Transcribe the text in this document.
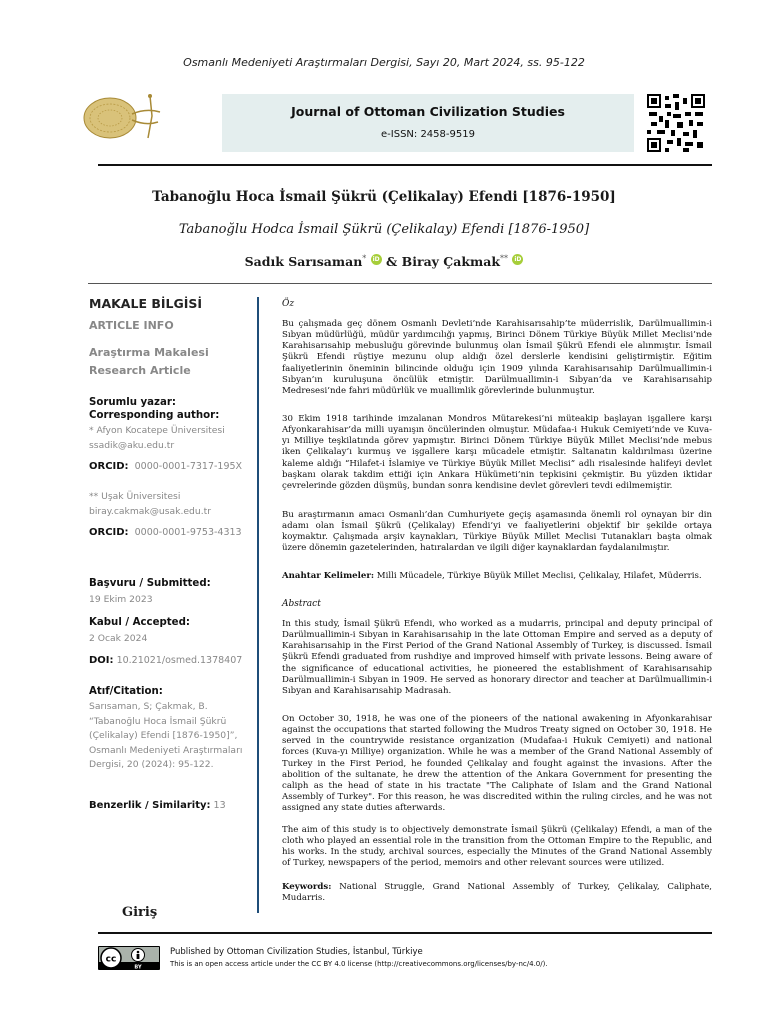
Osmanlı Medeniyeti Araştırmaları Dergisi, Sayı 20, Mart 2024, ss. 95-122
Journal of Ottoman Civilization Studies
e-ISSN: 2458-9519
Tabanoğlu Hoca İsmail Şükrü (Çelikalay) Efendi [1876-1950]
Tabanoğlu Hodca İsmail Şükrü (Çelikalay) Efendi [1876-1950]
Sadık Sarısaman* iD & Biray Çakmak** iD
MAKALE BİLGİSİ
ARTICLE INFO
Araştırma Makalesi
Research Article
Sorumlu yazar:
Corresponding author:
* Afyon Kocatepe Üniversitesi
ssadik@aku.edu.tr
ORCID: 0000-0001-7317-195X
** Uşak Üniversitesi
biray.cakmak@usak.edu.tr
ORCID: 0000-0001-9753-4313
Başvuru / Submitted:
19 Ekim 2023
Kabul / Accepted:
2 Ocak 2024
DOI: 10.21021/osmed.1378407
Atıf/Citation:
Sarısaman, S; Çakmak, B. “Tabanoğlu Hoca İsmail Şükrü (Çelikalay) Efendi [1876-1950]”, Osmanlı Medeniyeti Araştırmaları Dergisi, 20 (2024): 95-122.
Benzerlik / Similarity: 13
Öz
Bu çalışmada geç dönem Osmanlı Devleti’nde Karahisarısahip’te müderrislik, Darülmuallimin-i Sıbyan müdürlüğü, müdür yardımcılığı yapmış, Birinci Dönem Türkiye Büyük Millet Meclisi’nde Karahisarısahip mebusluğu görevinde bulunmuş olan İsmail Şükrü Efendi ele alınmıştır. İsmail Şükrü Efendi rüştiye mezunu olup aldığı özel derslerle kendisini geliştirmiştir. Eğitim faaliyetlerinin öneminin bilincinde olduğu için 1909 yılında Karahisarısahip Darülmuallimin-i Sıbyan’ın kuruluşuna öncülük etmiştir. Darülmuallimin-i Sıbyan’da ve Karahisarısahip Medresesi’nde fahri müdürlük ve muallimlik görevlerinde bulunmuştur.
30 Ekim 1918 tarihinde imzalanan Mondros Mütarekesi’ni müteakip başlayan işgallere karşı Afyonkarahisar’da milli uyanışın öncülerinden olmuştur. Müdafaa-i Hukuk Cemiyeti’nde ve Kuva-yı Milliye teşkilatında görev yapmıştır. Birinci Dönem Türkiye Büyük Millet Meclisi’nde mebus iken Çelikalay’ı kurmuş ve işgallere karşı mücadele etmiştir. Saltanatın kaldırılması üzerine kaleme aldığı “Hilafet-i İslamiye ve Türkiye Büyük Millet Meclisi” adlı risalesinde halifeyi devlet başkanı olarak takdim ettiği için Ankara Hükümeti’nin tepkisini çekmiştir. Bu yüzden iktidar çevrelerinde gözden düşmüş, bundan sonra kendisine devlet görevleri tevdi edilmemiştir.
Bu araştırmanın amacı Osmanlı’dan Cumhuriyete geçiş aşamasında önemli rol oynayan bir din adamı olan İsmail Şükrü (Çelikalay) Efendi’yi ve faaliyetlerini objektif bir şekilde ortaya koymaktır. Çalışmada arşiv kaynakları, Türkiye Büyük Millet Meclisi Tutanakları başta olmak üzere dönemin gazetelerinden, hatıralardan ve ilgili diğer kaynaklardan faydalanılmıştır.
Anahtar Kelimeler: Milli Mücadele, Türkiye Büyük Millet Meclisi, Çelikalay, Hilafet, Müderris.
Abstract
In this study, İsmail Şükrü Efendi, who worked as a mudarris, principal and deputy principal of Darülmuallimin-i Sıbyan in Karahisarısahip in the late Ottoman Empire and served as a deputy of Karahisarısahip in the First Period of the Grand National Assembly of Turkey, is discussed. İsmail Şükrü Efendi graduated from rushdiye and improved himself with private lessons. Being aware of the significance of educational activities, he pioneered the establishment of Karahisarısahip Darülmuallimin-i Sıbyan in 1909. He served as honorary director and teacher at Darülmuallimin-i Sıbyan and Karahisarısahip Madrasah.
On October 30, 1918, he was one of the pioneers of the national awakening in Afyonkarahisar against the occupations that started following the Mudros Treaty signed on October 30, 1918. He served in the countrywide resistance organization (Mudafaa-i Hukuk Cemiyeti) and national forces (Kuva-yı Milliye) organization. While he was a member of the Grand National Assembly of Turkey in the First Period, he founded Çelikalay and fought against the invasions. After the abolition of the sultanate, he drew the attention of the Ankara Government for presenting the caliph as the head of state in his tractate "The Caliphate of Islam and the Grand National Assembly of Turkey". For this reason, he was discredited within the ruling circles, and he was not assigned any state duties afterwards.
The aim of this study is to objectively demonstrate İsmail Şükrü (Çelikalay) Efendi, a man of the cloth who played an essential role in the transition from the Ottoman Empire to the Republic, and his works. In the study, archival sources, especially the Minutes of the Grand National Assembly of Turkey, newspapers of the period, memoirs and other relevant sources were utilized.
Keywords: National Struggle, Grand National Assembly of Turkey, Çelikalay, Caliphate, Mudarris.
Giriş
cc
BY
Published by Ottoman Civilization Studies, İstanbul, Türkiye
This is an open access article under the CC BY 4.0 license (http://creativecommons.org/licenses/by-nc/4.0/).
